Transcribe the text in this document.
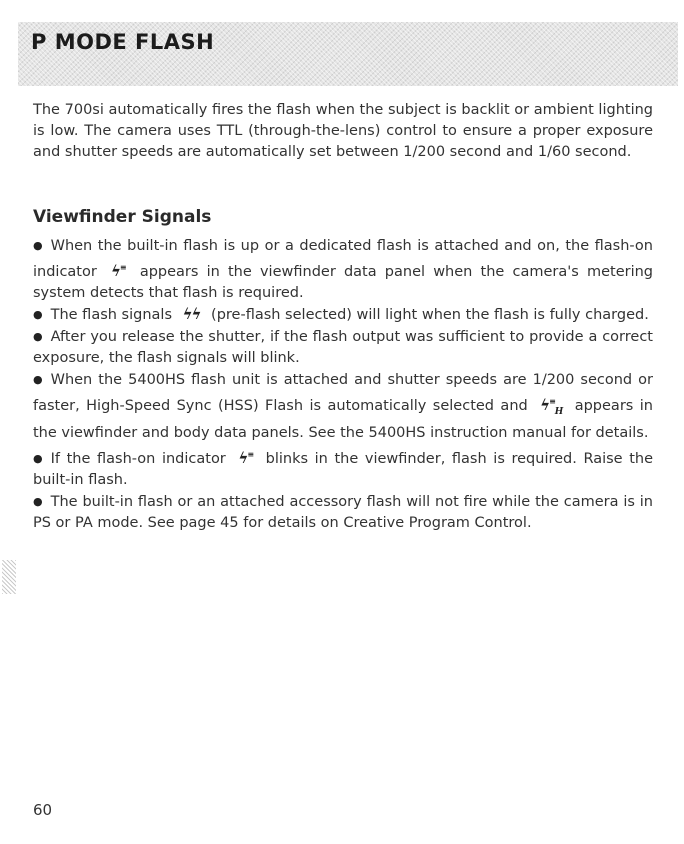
P MODE FLASH

The 700si automatically fires the flash when the subject is backlit or ambient lighting is low. The camera uses TTL (through-the-lens) control to ensure a proper exposure and shutter speeds are automatically set between 1/200 second and 1/60 second.

Viewfinder Signals

● When the built-in flash is up or a dedicated flash is attached and on, the flash-on indicator ϟ≡ appears in the viewfinder data panel when the camera's metering system detects that flash is required.

● The flash signals ϟϟ (pre-flash selected) will light when the flash is fully charged.

● After you release the shutter, if the flash output was sufficient to provide a correct exposure, the flash signals will blink.

● When the 5400HS flash unit is attached and shutter speeds are 1/200 second or faster, High-Speed Sync (HSS) Flash is automatically selected and $ϟ^\equiv_H$ appears in the viewfinder and body data panels. See the 5400HS instruction manual for details.

● If the flash-on indicator ϟ≡ blinks in the viewfinder, flash is required. Raise the built-in flash.

● The built-in flash or an attached accessory flash will not fire while the camera is in PS or PA mode. See page 45 for details on Creative Program Control.

60
